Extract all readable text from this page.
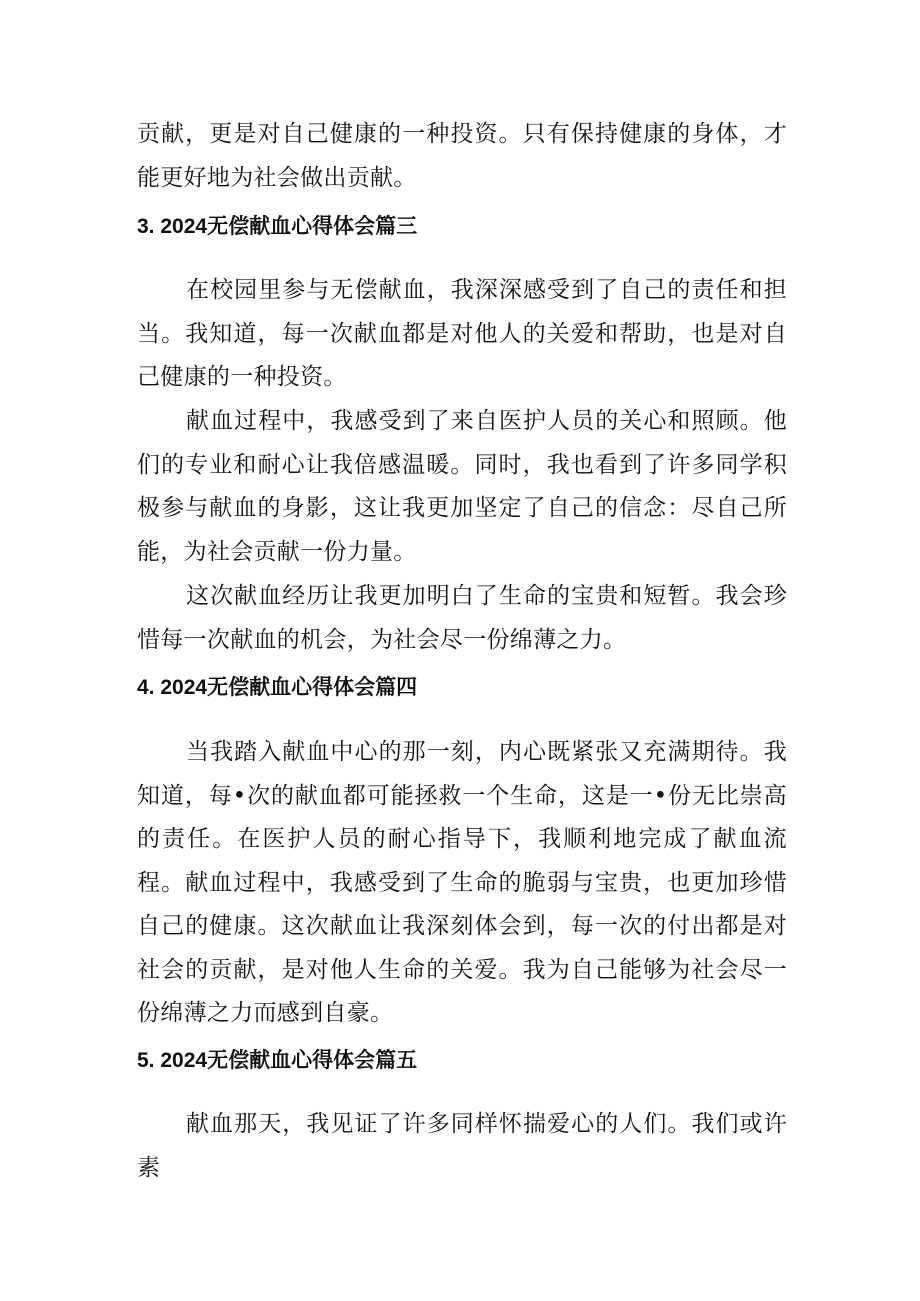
贡献，更是对自己健康的一种投资。只有保持健康的身体，才能更好地为社会做出贡献。

3. 2024无偿献血心得体会篇三

在校园里参与无偿献血，我深深感受到了自己的责任和担当。我知道，每一次献血都是对他人的关爱和帮助，也是对自己健康的一种投资。

献血过程中，我感受到了来自医护人员的关心和照顾。他们的专业和耐心让我倍感温暖。同时，我也看到了许多同学积极参与献血的身影，这让我更加坚定了自己的信念：尽自己所能，为社会贡献一份力量。

这次献血经历让我更加明白了生命的宝贵和短暂。我会珍惜每一次献血的机会，为社会尽一份绵薄之力。

4. 2024无偿献血心得体会篇四

当我踏入献血中心的那一刻，内心既紧张又充满期待。我知道，每•次的献血都可能拯救一个生命，这是一•份无比崇高的责任。在医护人员的耐心指导下，我顺利地完成了献血流程。献血过程中，我感受到了生命的脆弱与宝贵，也更加珍惜自己的健康。这次献血让我深刻体会到，每一次的付出都是对社会的贡献，是对他人生命的关爱。我为自己能够为社会尽一份绵薄之力而感到自豪。

5. 2024无偿献血心得体会篇五

献血那天，我见证了许多同样怀揣爱心的人们。我们或许素
